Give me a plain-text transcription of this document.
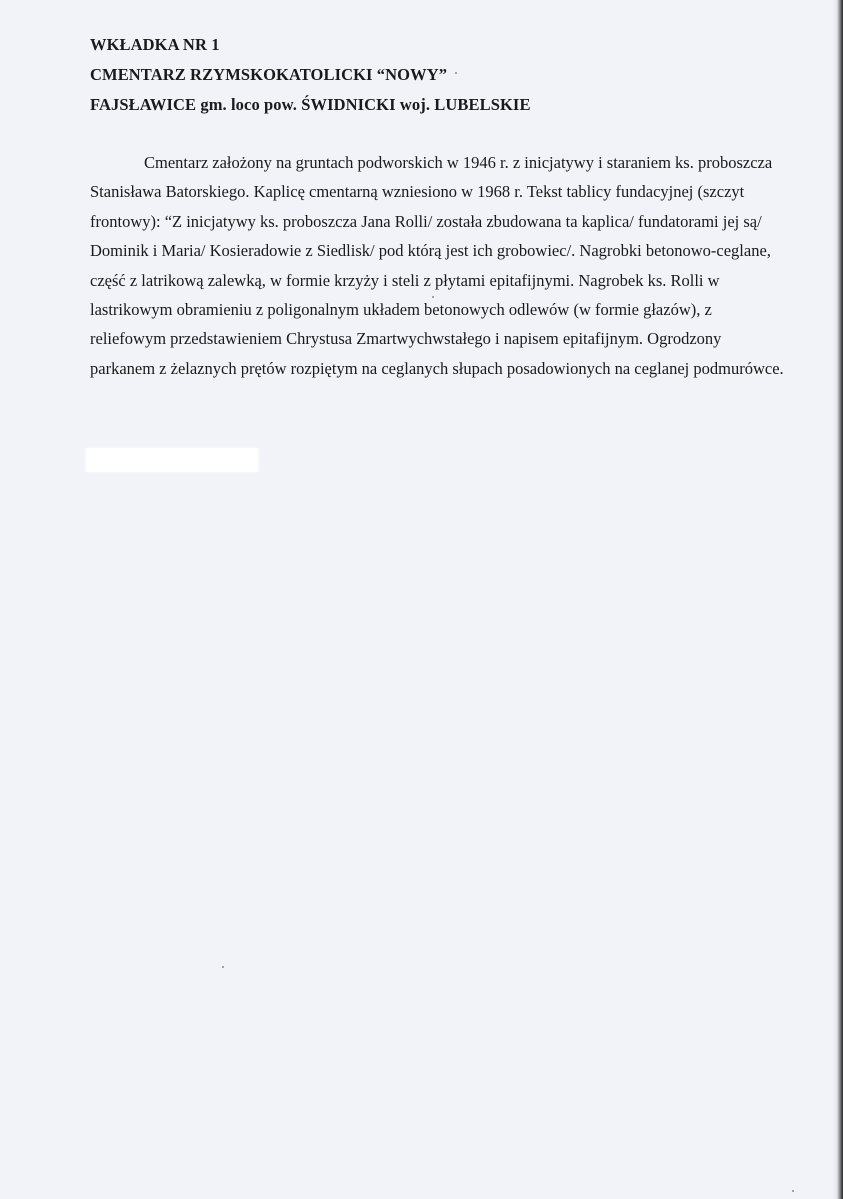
WKŁADKA NR 1
CMENTARZ RZYMSKOKATOLICKI “NOWY”
FAJSŁAWICE gm. loco pow. ŚWIDNICKI woj. LUBELSKIE

Cmentarz założony na gruntach podworskich w 1946 r. z inicjatywy i staraniem ks. proboszcza Stanisława Batorskiego. Kaplicę cmentarną wzniesiono w 1968 r. Tekst tablicy fundacyjnej (szczyt frontowy): “Z inicjatywy ks. proboszcza Jana Rolli/ została zbudowana ta kaplica/ fundatorami jej są/ Dominik i Maria/ Kosieradowie z Siedlisk/ pod którą jest ich grobowiec/. Nagrobki betonowo-ceglane, część z latrikową zalewką, w formie krzyży i steli z płytami epitafijnymi. Nagrobek ks. Rolli w lastrikowym obramieniu z poligonalnym układem betonowych odlewów (w formie głazów), z reliefowym przedstawieniem Chrystusa Zmartwychwstałego i napisem epitafijnym. Ogrodzony parkanem z żelaznych prętów rozpiętym na ceglanych słupach posadowionych na ceglanej podmurówce.
